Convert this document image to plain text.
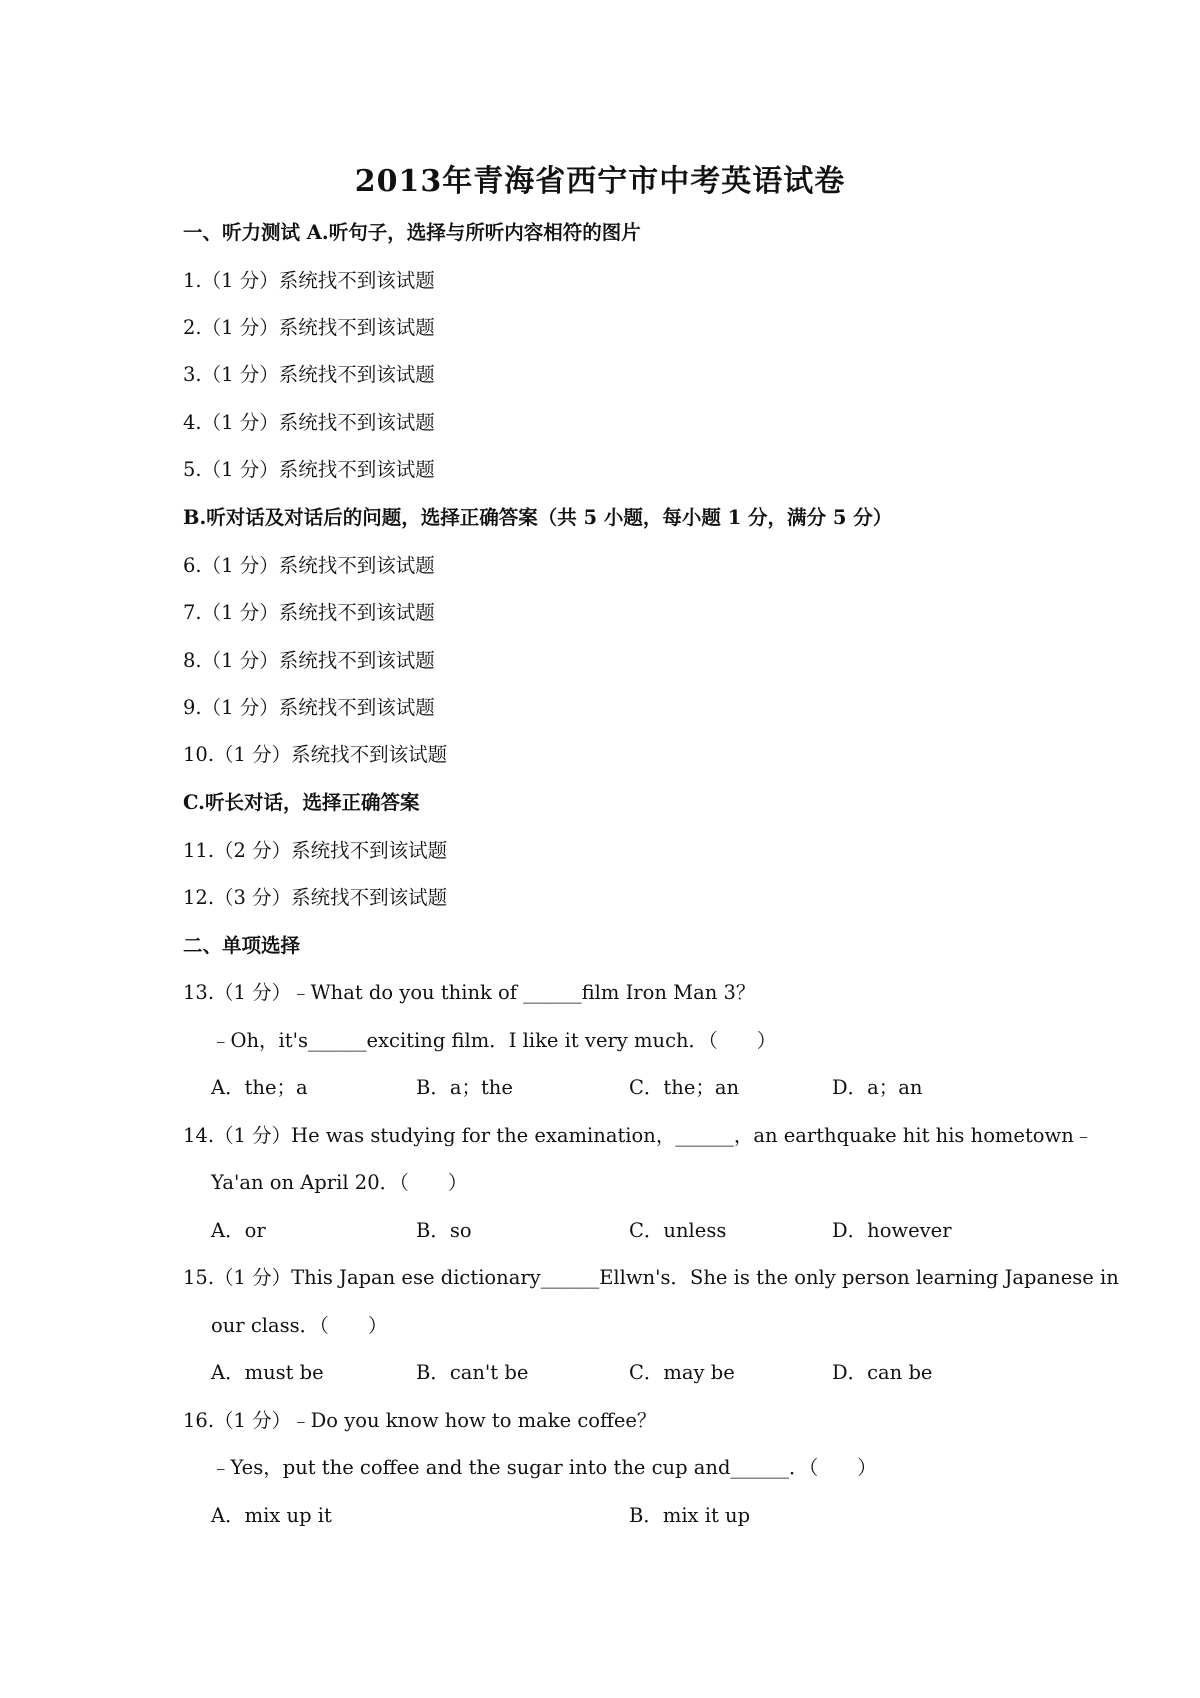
2013年青海省西宁市中考英语试卷
一、听力测试 A.听句子，选择与所听内容相符的图片
1.（1 分）系统找不到该试题
2.（1 分）系统找不到该试题
3.（1 分）系统找不到该试题
4.（1 分）系统找不到该试题
5.（1 分）系统找不到该试题
B.听对话及对话后的问题，选择正确答案（共 5 小题，每小题 1 分，满分 5 分）
6.（1 分）系统找不到该试题
7.（1 分）系统找不到该试题
8.（1 分）系统找不到该试题
9.（1 分）系统找不到该试题
10.（1 分）系统找不到该试题
C.听长对话，选择正确答案
11.（2 分）系统找不到该试题
12.（3 分）系统找不到该试题
二、单项选择
13.（1 分）﹣What do you think of ______film Iron Man 3？
﹣Oh，it's______exciting film．I like it very much．（　　）
A．the；a	B．a；the	C．the；an	D．a；an
14.（1 分）He was studying for the examination，______，an earthquake hit his hometown﹣
Ya'an on April 20．（　　）
A．or	B．so	C．unless	D．however
15.（1 分）This Japan ese dictionary______Ellwn's．She is the only person learning Japanese in
our class．（　　）
A．must be	B．can't be	C．may be	D．can be
16.（1 分）﹣Do you know how to make coffee？
﹣Yes，put the coffee and the sugar into the cup and______．（　　）
A．mix up it	B．mix it up
